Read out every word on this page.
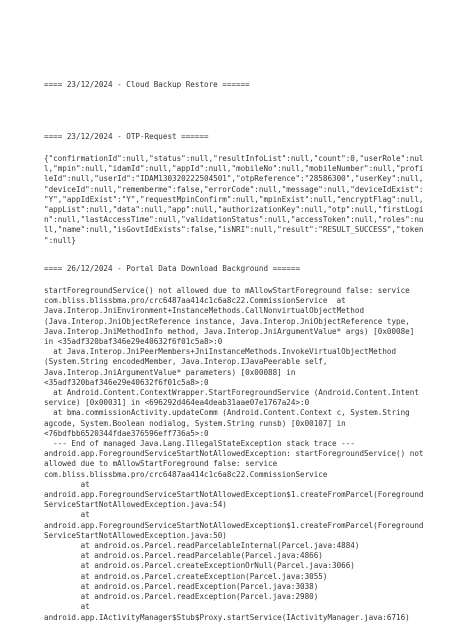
==== 23/12/2024 - Cloud Backup Restore ======

==== 23/12/2024 - OTP-Request ======

{"confirmationId":null,"status":null,"resultInfoList":null,"count":0,"userRole":nul
l,"mpin":null,"idamId":null,"appId":null,"mobileNo":null,"mobileNumber":null,"profi
leId":null,"userId":"IDAM130320222504501","otpReference":"28586300","userKey":null,
"deviceId":null,"rememberme":false,"errorCode":null,"message":null,"deviceIdExist":
"Y","appIdExist":"Y","requestMpinConfirm":null,"mpinExist":null,"encryptFlag":null,
"appList":null,"data":null,"app":null,"authorizationKey":null,"otp":null,"firstLogi
n":null,"lastAccessTime":null,"validationStatus":null,"accessToken":null,"roles":nu
ll,"name":null,"isGovtIdExists":false,"isNRI":null,"result":"RESULT_SUCCESS","token
":null}

==== 26/12/2024 - Portal Data Download Background ======

startForegroundService() not allowed due to mAllowStartForeground false: service
com.bliss.blissbma.pro/crc6487aa414c1c6a8c22.CommissionService  at
Java.Interop.JniEnvironment+InstanceMethods.CallNonvirtualObjectMethod
(Java.Interop.JniObjectReference instance, Java.Interop.JniObjectReference type,
Java.Interop.JniMethodInfo method, Java.Interop.JniArgumentValue* args) [0x0008e]
in <35adf320baf346e29e40632f6f01c5a8>:0
at Java.Interop.JniPeerMembers+JniInstanceMethods.InvokeVirtualObjectMethod
(System.String encodedMember, Java.Interop.IJavaPeerable self,
Java.Interop.JniArgumentValue* parameters) [0x00088] in
<35adf320baf346e29e40632f6f01c5a8>:0
at Android.Content.ContextWrapper.StartForegroundService (Android.Content.Intent
service) [0x00031] in <696292d464ea4deab31aae07e1767a24>:0
at bma.commissionActivity.updateComm (Android.Content.Context c, System.String
agcode, System.Boolean nodialog, System.String runsb) [0x00107] in
<76bdfbb6520344fdae376596eff736a5>:0
--- End of managed Java.Lang.IllegalStateException stack trace ---
android.app.ForegroundServiceStartNotAllowedException: startForegroundService() not
allowed due to mAllowStartForeground false: service
com.bliss.blissbma.pro/crc6487aa414c1c6a8c22.CommissionService
at
android.app.ForegroundServiceStartNotAllowedException$1.createFromParcel(Foreground
ServiceStartNotAllowedException.java:54)
at
android.app.ForegroundServiceStartNotAllowedException$1.createFromParcel(Foreground
ServiceStartNotAllowedException.java:50)
at android.os.Parcel.readParcelableInternal(Parcel.java:4884)
at android.os.Parcel.readParcelable(Parcel.java:4866)
at android.os.Parcel.createExceptionOrNull(Parcel.java:3066)
at android.os.Parcel.createException(Parcel.java:3055)
at android.os.Parcel.readException(Parcel.java:3038)
at android.os.Parcel.readException(Parcel.java:2980)
at
android.app.IActivityManager$Stub$Proxy.startService(IActivityManager.java:6716)
